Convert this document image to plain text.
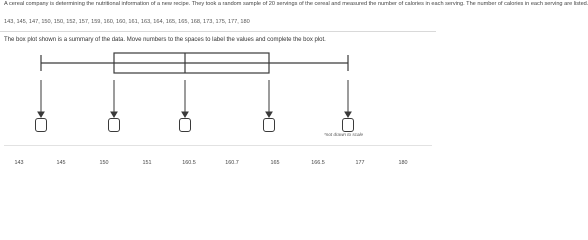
A cereal company is determining the nutritional information of a new recipe. They took a random sample of 20 servings of the cereal and measured the number of calories in each serving. The number of calories in each serving are listed.
143, 145, 147, 150, 150, 152, 157, 159, 160, 160, 161, 163, 164, 165, 165, 168, 173, 175, 177, 180
The box plot shown is a summary of the data. Move numbers to the spaces to label the values and complete the box plot.
*not drawn to scale
143	145	150	151	160.5	160.7	165	166.5	177	180
